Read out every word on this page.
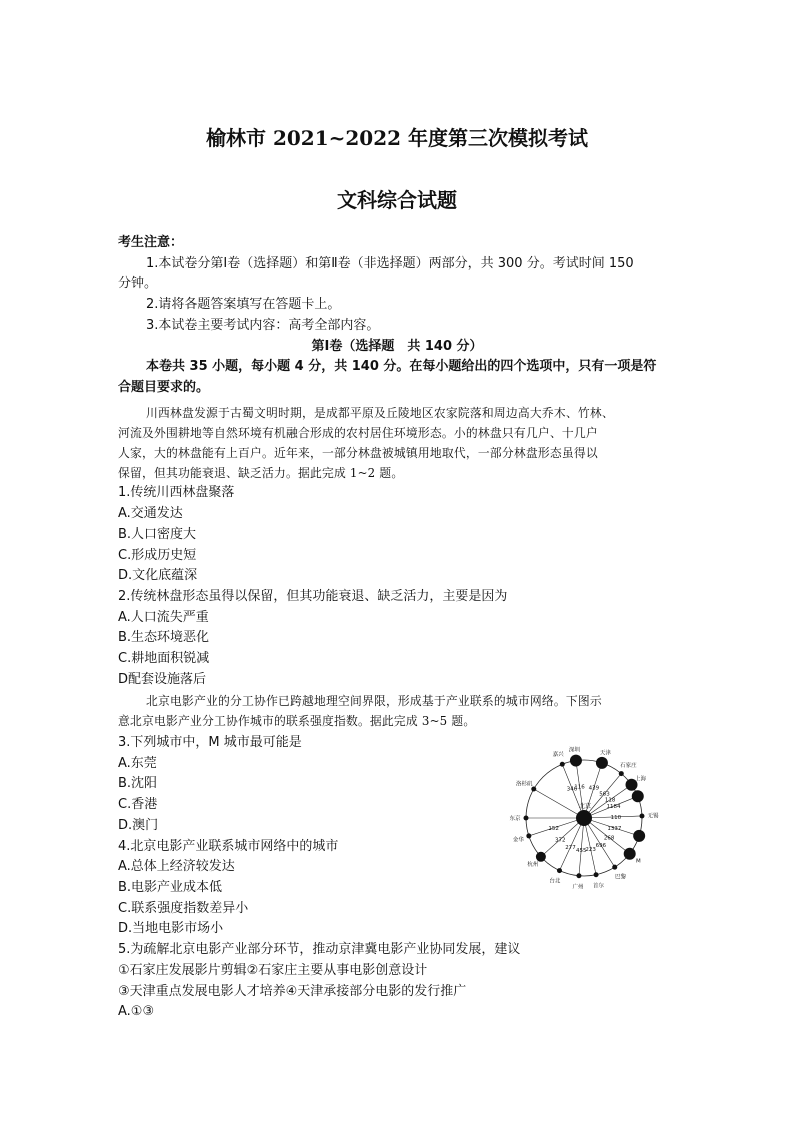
榆林市 2021~2022 年度第三次模拟考试
文科综合试题
考生注意：
1.本试卷分第Ⅰ卷（选择题）和第Ⅱ卷（非选择题）两部分，共 300 分。考试时间 150
分钟。
2.请将各题答案填写在答题卡上。
3.本试卷主要考试内容：高考全部内容。
第Ⅰ卷（选择题　共 140 分）
本卷共 35 小题，每小题 4 分，共 140 分。在每小题给出的四个选项中，只有一项是符
合题目要求的。
川西林盘发源于古蜀文明时期，是成都平原及丘陵地区农家院落和周边高大乔木、竹林、
河流及外围耕地等自然环境有机融合形成的农村居住环境形态。小的林盘只有几户、十几户
人家，大的林盘能有上百户。近年来，一部分林盘被城镇用地取代，一部分林盘形态虽得以
保留，但其功能衰退、缺乏活力。据此完成 1~2 题。
1.传统川西林盘聚落
A.交通发达
B.人口密度大
C.形成历史短
D.文化底蕴深
2.传统林盘形态虽得以保留，但其功能衰退、缺乏活力，主要是因为
A.人口流失严重
B.生态环境恶化
C.耕地面积锐减
D配套设施落后
北京电影产业的分工协作已跨越地理空间界限，形成基于产业联系的城市网络。下图示
意北京电影产业分工协作城市的联系强度指数。据此完成 3~5 题。
3.下列城市中，M 城市最可能是
A.东莞
B.沈阳
C.香港
D.澳门
4.北京电影产业联系城市网络中的城市
A.总体上经济较发达
B.电影产业成本低
C.联系强度指数差异小
D.当地电影市场小
5.为疏解北京电影产业部分环节，推动京津冀电影产业协同发展，建议
①石家庄发展影片剪辑②石家庄主要从事电影创意设计
③天津重点发展电影人才培养④天津承接部分电影的发行推广
A.①③
346
116 439
563
118
1184
110
1337
268
696
223
455
277
372
152
嘉兴
深圳	天津
石家庄
上海
无锡
M
巴黎
首尔
广州
台北
杭州
金华
东京
洛杉矶
北京
